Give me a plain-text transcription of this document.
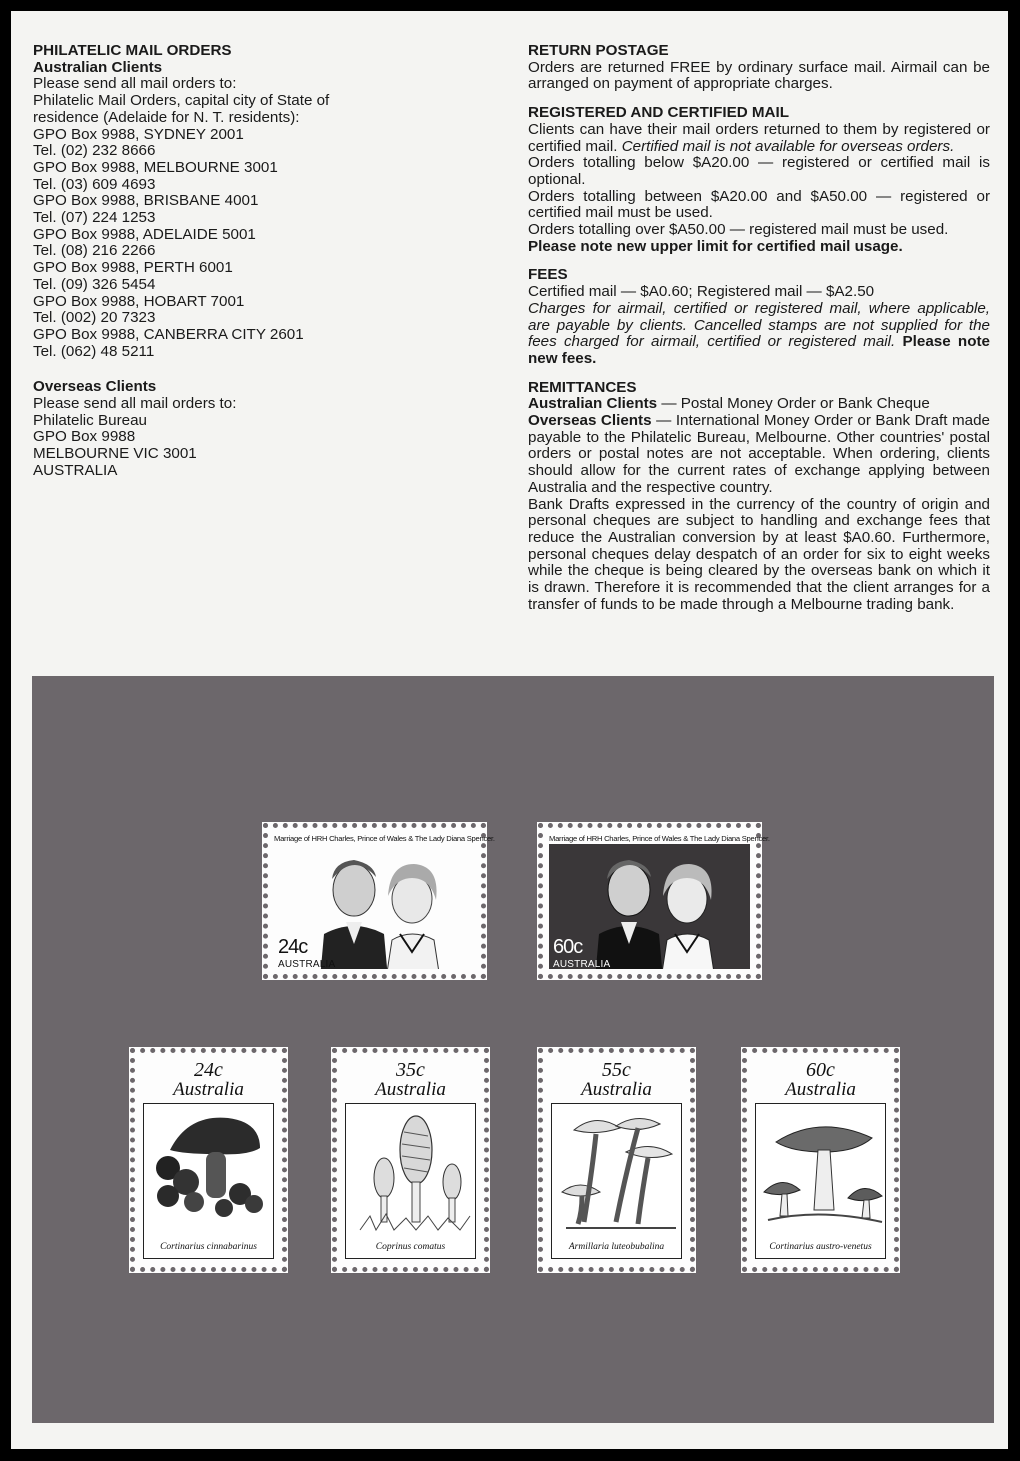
PHILATELIC MAIL ORDERS
Australian Clients
Please send all mail orders to:
Philatelic Mail Orders, capital city of State of
residence (Adelaide for N. T. residents):
GPO Box 9988, SYDNEY 2001
Tel. (02) 232 8666
GPO Box 9988, MELBOURNE 3001
Tel. (03) 609 4693
GPO Box 9988, BRISBANE 4001
Tel. (07) 224 1253
GPO Box 9988, ADELAIDE 5001
Tel. (08) 216 2266
GPO Box 9988, PERTH 6001
Tel. (09) 326 5454
GPO Box 9988, HOBART 7001
Tel. (002) 20 7323
GPO Box 9988, CANBERRA CITY 2601
Tel. (062) 48 5211
Overseas Clients
Please send all mail orders to:
Philatelic Bureau
GPO Box 9988
MELBOURNE VIC 3001
AUSTRALIA
RETURN POSTAGE
Orders are returned FREE by ordinary surface mail. Airmail can be arranged on payment of appropriate charges.
REGISTERED AND CERTIFIED MAIL
Clients can have their mail orders returned to them by registered or certified mail. Certified mail is not available for overseas orders.
Orders totalling below $A20.00 — registered or certified mail is optional.
Orders totalling between $A20.00 and $A50.00 — registered or certified mail must be used.
Orders totalling over $A50.00 — registered mail must be used.
Please note new upper limit for certified mail usage.
FEES
Certified mail — $A0.60; Registered mail — $A2.50
Charges for airmail, certified or registered mail, where applicable, are payable by clients. Cancelled stamps are not supplied for the fees charged for airmail, certified or registered mail. Please note new fees.
REMITTANCES
Australian Clients — Postal Money Order or Bank Cheque
Overseas Clients — International Money Order or Bank Draft made payable to the Philatelic Bureau, Melbourne. Other countries' postal orders or postal notes are not acceptable. When ordering, clients should allow for the current rates of exchange applying between Australia and the respective country.
Bank Drafts expressed in the currency of the country of origin and personal cheques are subject to handling and exchange fees that reduce the Australian conversion by at least $A0.60. Furthermore, personal cheques delay despatch of an order for six to eight weeks while the cheque is being cleared by the overseas bank on which it is drawn. Therefore it is recommended that the client arranges for a transfer of funds to be made through a Melbourne trading bank.
Marriage of HRH Charles, Prince of Wales & The Lady Diana Spencer.
24c
AUSTRALIA
Marriage of HRH Charles, Prince of Wales & The Lady Diana Spencer.
60c
AUSTRALIA
24c
Australia
Cortinarius cinnabarinus
35c
Australia
Coprinus comatus
55c
Australia
Armillaria luteobubalina
60c
Australia
Cortinarius austro-venetus
